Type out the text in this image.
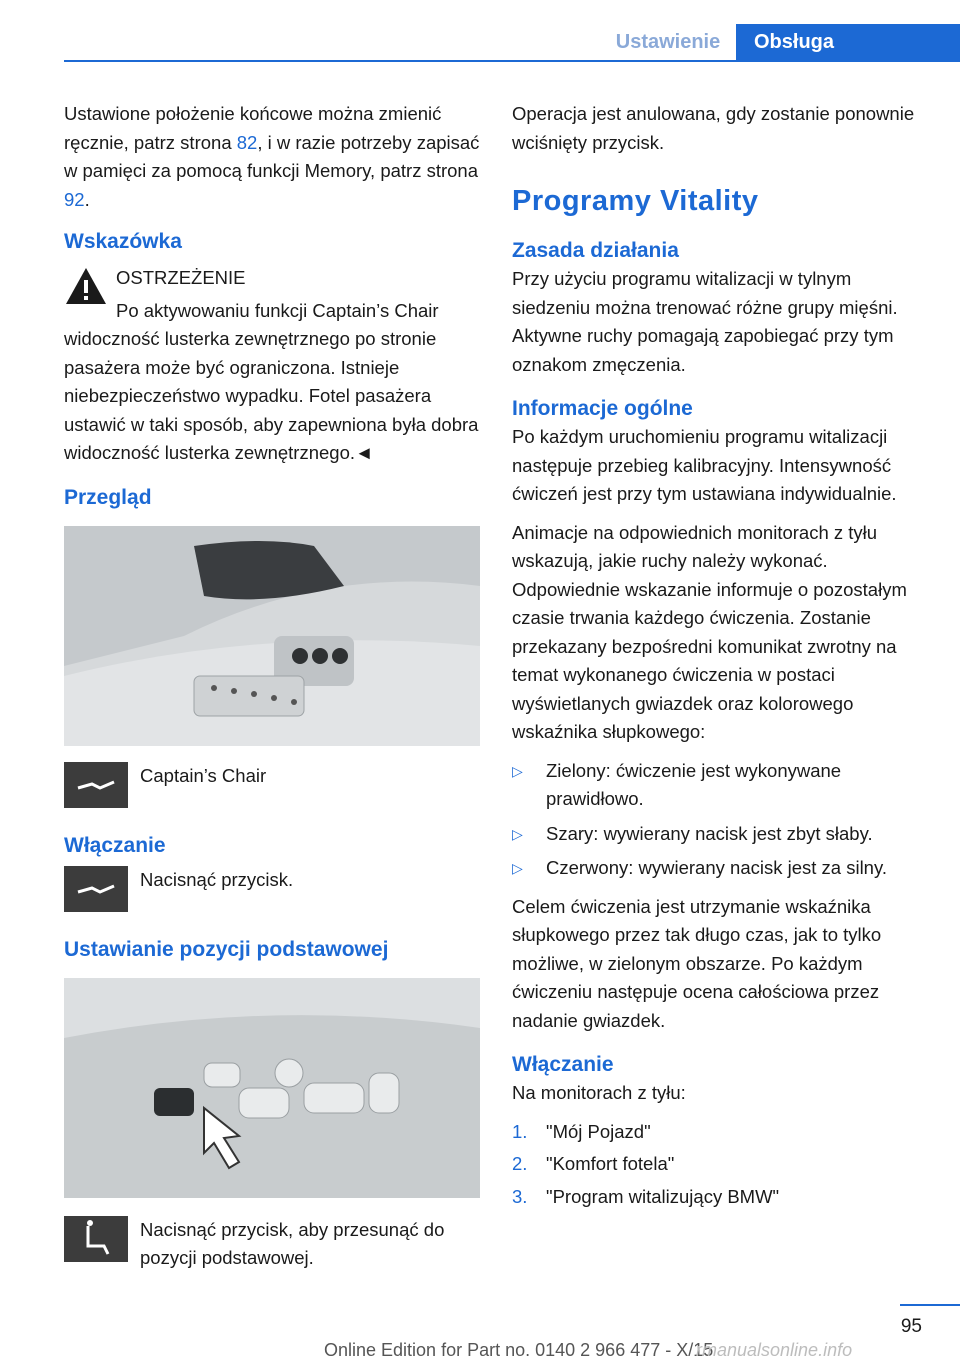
Ustawienie	Obsługa

Ustawione położenie końcowe można zmienić ręcznie, patrz strona 82, i w razie potrzeby zapisać w pamięci za pomocą funkcji Memory, patrz strona 92.

Wskazówka
OSTRZEŻENIE
Po aktywowaniu funkcji Captain’s Chair widoczność lusterka zewnętrznego po stronie pasażera może być ograniczona. Istnieje niebezpieczeństwo wypadku. Fotel pasażera ustawić w taki sposób, aby zapewniona była dobra widoczność lusterka zewnętrznego.◄
Przegląd
Captain’s Chair
Włączanie
Nacisnąć przycisk.
Ustawianie pozycji podstawowej
Nacisnąć przycisk, aby przesunąć do pozycji podstawowej.

Operacja jest anulowana, gdy zostanie ponownie wciśnięty przycisk.

Programy Vitality
Zasada działania

Przy użyciu programu witalizacji w tylnym siedzeniu można trenować różne grupy mięśni. Aktywne ruchy pomagają zapobiegać przy tym oznakom zmęczenia.

Informacje ogólne

Po każdym uruchomieniu programu witalizacji następuje przebieg kalibracyjny. Intensywność ćwiczeń jest przy tym ustawiana indywidualnie.

Animacje na odpowiednich monitorach z tyłu wskazują, jakie ruchy należy wykonać. Odpowiednie wskazanie informuje o pozostałym czasie trwania każdego ćwiczenia. Zostanie przekazany bezpośredni komunikat zwrotny na temat wykonanego ćwiczenia w postaci wyświetlanych gwiazdek oraz kolorowego wskaźnika słupkowego:

▷ Zielony: ćwiczenie jest wykonywane prawidłowo.
▷ Szary: wywierany nacisk jest zbyt słaby.
▷ Czerwony: wywierany nacisk jest za silny.

Celem ćwiczenia jest utrzymanie wskaźnika słupkowego przez tak długo czas, jak to tylko możliwe, w zielonym obszarze. Po każdym ćwiczeniu następuje ocena całościowa przez nadanie gwiazdek.

Włączanie

Na monitorach z tyłu:

1. "Mój Pojazd"
2. "Komfort fotela"
3. "Program witalizujący BMW"
95
Online Edition for Part no. 0140 2 966 477 - X/15
rmanualsonline.info
